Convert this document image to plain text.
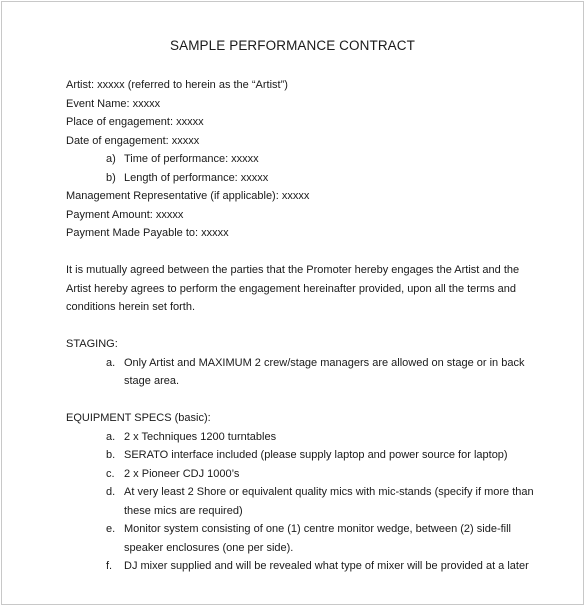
SAMPLE PERFORMANCE CONTRACT
Artist: xxxxx (referred to herein as the “Artist”)
Event Name: xxxxx
Place of engagement: xxxxx
Date of engagement: xxxxx
a) Time of performance: xxxxx
b) Length of performance: xxxxx
Management Representative (if applicable): xxxxx
Payment Amount: xxxxx
Payment Made Payable to: xxxxx
It is mutually agreed between the parties that the Promoter hereby engages the Artist and the Artist hereby agrees to perform the engagement hereinafter provided, upon all the terms and conditions herein set forth.
STAGING:
a. Only Artist and MAXIMUM 2 crew/stage managers are allowed on stage or in back stage area.
EQUIPMENT SPECS (basic):
a. 2 x Techniques 1200 turntables
b. SERATO interface included (please supply laptop and power source for laptop)
c. 2 x Pioneer CDJ 1000’s
d. At very least 2 Shore or equivalent quality mics with mic-stands (specify if more than these mics are required)
e. Monitor system consisting of one (1) centre monitor wedge, between (2) side-fill speaker enclosures (one per side).
f.	DJ mixer supplied and will be revealed what type of mixer will be provided at a later
